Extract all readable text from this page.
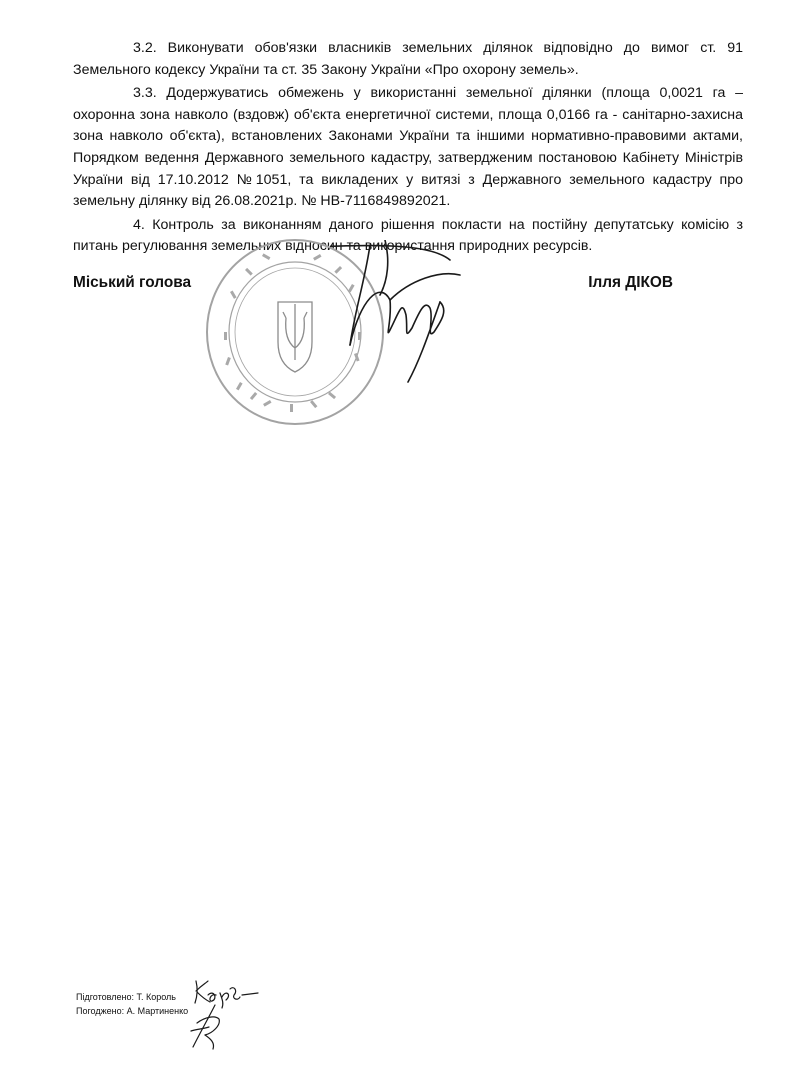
3.2. Виконувати обов'язки власників земельних ділянок відповідно до вимог ст. 91 Земельного кодексу України та ст. 35 Закону України «Про охорону земель».

3.3. Додержуватись обмежень у використанні земельної ділянки (площа 0,0021 га – охоронна зона навколо (вздовж) об'єкта енергетичної системи, площа 0,0166 га - санітарно-захисна зона навколо об'єкта), встановлених Законами України та іншими нормативно-правовими актами, Порядком ведення Державного земельного кадастру, затвердженим постановою Кабінету Міністрів України від 17.10.2012 №1051, та викладених у витязі з Державного земельного кадастру про земельну ділянку від 26.08.2021р. № НВ-7116849892021.

4. Контроль за виконанням даного рішення покласти на постійну депутатську комісію з питань регулювання земельних відносин та використання природних ресурсів.

Міський голова	Ілля ДІКОВ
Підготовлено: Т. Король
Погоджено: А. Мартиненко
